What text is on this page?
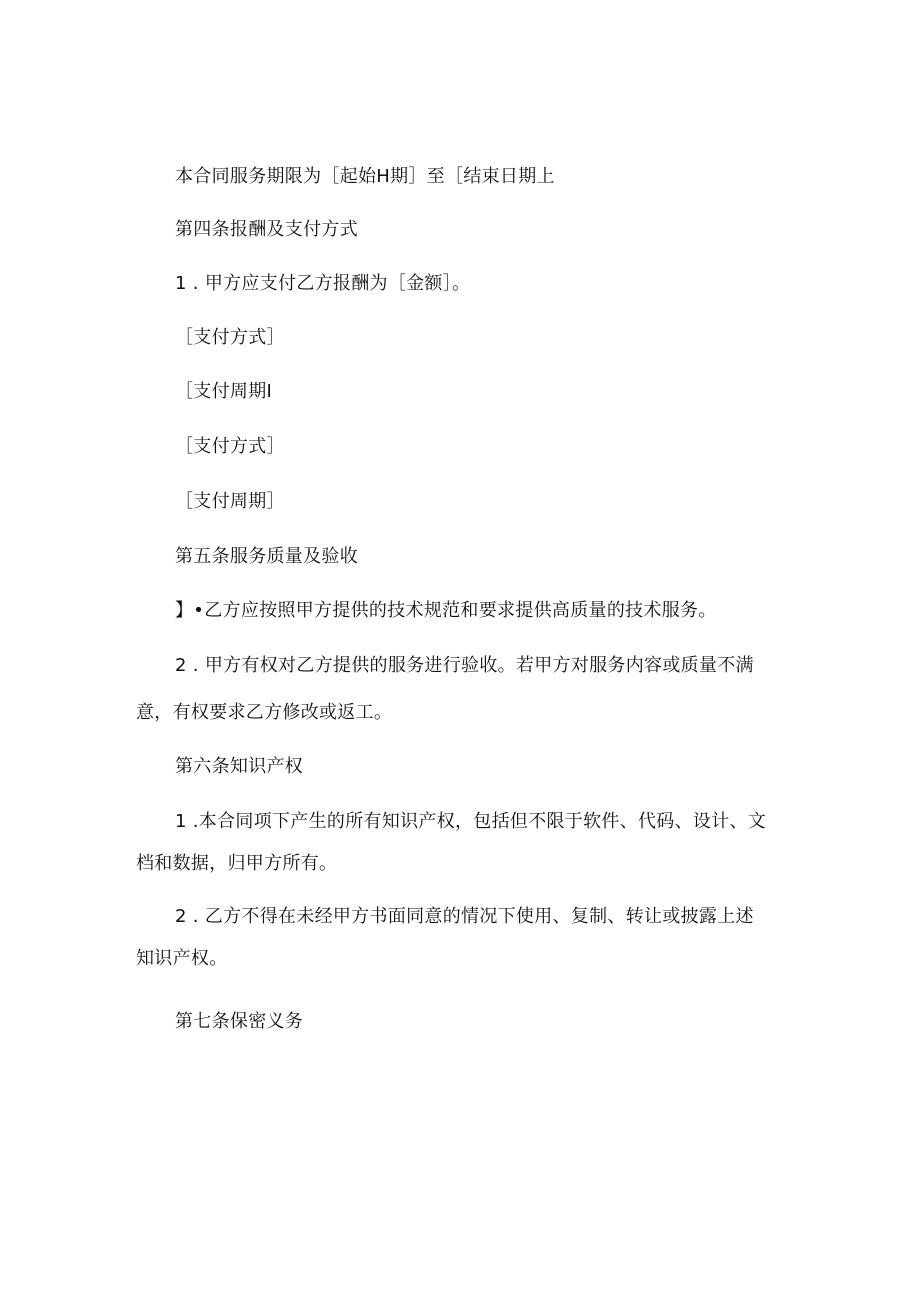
本合同服务期限为［起始H期］至［结束日期上
第四条报酬及支付方式
1 . 甲方应支付乙方报酬为［金额］。
［支付方式］
［支付周期I
［支付方式］
［支付周期］
第五条服务质量及验收
】•乙方应按照甲方提供的技术规范和要求提供高质量的技术服务。
2 . 甲方有权对乙方提供的服务进行验收。若甲方对服务内容或质量不满
意，有权要求乙方修改或返工。
第六条知识产权
1 .本合同项下产生的所有知识产权，包括但不限于软件、代码、设计、文
档和数据，归甲方所有。
2 . 乙方不得在未经甲方书面同意的情况下使用、复制、转让或披露上述
知识产权。
第七条保密义务
